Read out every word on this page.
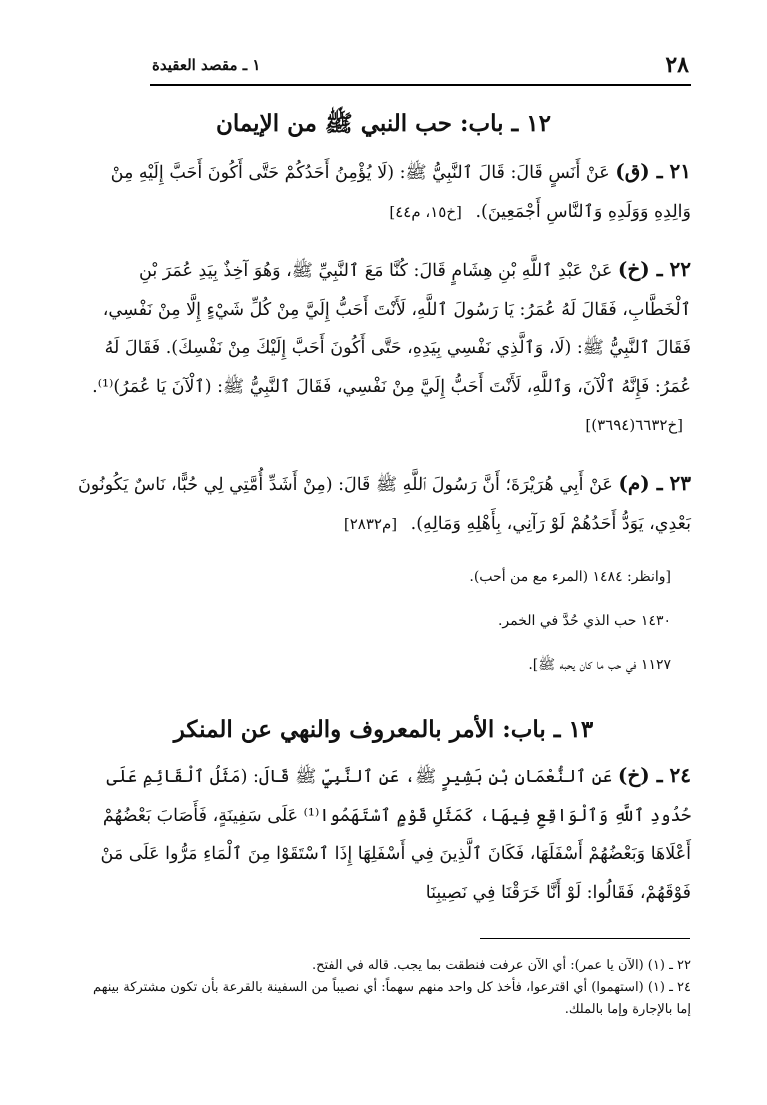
٢٨
١ ـ مقصد العقيدة
١٢ ـ باب: حب النبي ﷺ من الإيمان
٢١ ـ (ق) عَنْ أَنَسٍ قَالَ: قَالَ ٱلنَّبِيُّ ﷺ: (لَا يُؤْمِنُ أَحَدُكُمْ حَتَّى أَكُونَ أَحَبَّ إِلَيْهِ مِنْ وَالِدِهِ وَوَلَدِهِ وَٱلنَّاسِ أَجْمَعِينَ). [خ١٥، م٤٤]
٢٢ ـ (خ) عَنْ عَبْدِ ٱللَّهِ بْنِ هِشَامٍ قَالَ: كُنَّا مَعَ ٱلنَّبِيِّ ﷺ، وَهُوَ آخِذٌ بِيَدِ عُمَرَ بْنِ ٱلْخَطَّابِ، فَقَالَ لَهُ عُمَرُ: يَا رَسُولَ ٱللَّهِ، لَأَنْتَ أَحَبُّ إِلَيَّ مِنْ كُلِّ شَيْءٍ إِلَّا مِنْ نَفْسِي، فَقَالَ ٱلنَّبِيُّ ﷺ: (لَا، وَٱلَّذِي نَفْسِي بِيَدِهِ، حَتَّى أَكُونَ أَحَبَّ إِلَيْكَ مِنْ نَفْسِكَ). فَقَالَ لَهُ عُمَرُ: فَإِنَّهُ ٱلْآنَ، وَٱللَّهِ، لَأَنْتَ أَحَبُّ إِلَيَّ مِنْ نَفْسِي، فَقَالَ ٱلنَّبِيُّ ﷺ: (ٱلْآنَ يَا عُمَرُ)⁽¹⁾. [خ٦٦٣٢(٣٦٩٤)]
٢٣ ـ (م) عَنْ أَبِي هُرَيْرَةَ؛ أَنَّ رَسُولَ ٱللَّهِ ﷺ قَالَ: (مِنْ أَشَدِّ أُمَّتِي لِي حُبًّا، نَاسٌ يَكُونُونَ بَعْدِي، يَوَدُّ أَحَدُهُمْ لَوْ رَآنِي، بِأَهْلِهِ وَمَالِهِ). [م٢٨٣٢]
[وانظر: ١٤٨٤ (المرء مع من أحب).
١٤٣٠ حب الذي حُدَّ في الخمر.
١١٢٧ في حب ما كان يحبه ﷺ].
١٣ ـ باب: الأمر بالمعروف والنهي عن المنكر
٢٤ ـ (خ) عَنِ ٱلنُّعْمَانِ بْنِ بَشِيرٍ ﷺ، عَنِ ٱلنَّبِيِّ ﷺ قَالَ: (مَثَلُ ٱلْقَائِمِ عَلَى حُدُودِ ٱللَّهِ وَٱلْوَاقِعِ فِيهَا، كَمَثَلِ قَوْمٍ ٱسْتَهَمُوا⁽¹⁾ عَلَى سَفِينَةٍ، فَأَصَابَ بَعْضُهُمْ أَعْلَاهَا وَبَعْضُهُمْ أَسْفَلَهَا، فَكَانَ ٱلَّذِينَ فِي أَسْفَلِهَا إِذَا ٱسْتَقَوْا مِنَ ٱلْمَاءِ مَرُّوا عَلَى مَنْ فَوْقَهُمْ، فَقَالُوا: لَوْ أَنَّا خَرَقْنَا فِي نَصِيبِنَا

٢٢ ـ (١) (الآن يا عمر): أي الآن عرفت فنطقت بما يجب. قاله في الفتح.

٢٤ ـ (١) (استهموا) أي اقترعوا، فأخذ كل واحد منهم سهماً: أي نصيباً من السفينة بالقرعة بأن تكون مشتركة بينهم إما بالإجارة وإما بالملك.
